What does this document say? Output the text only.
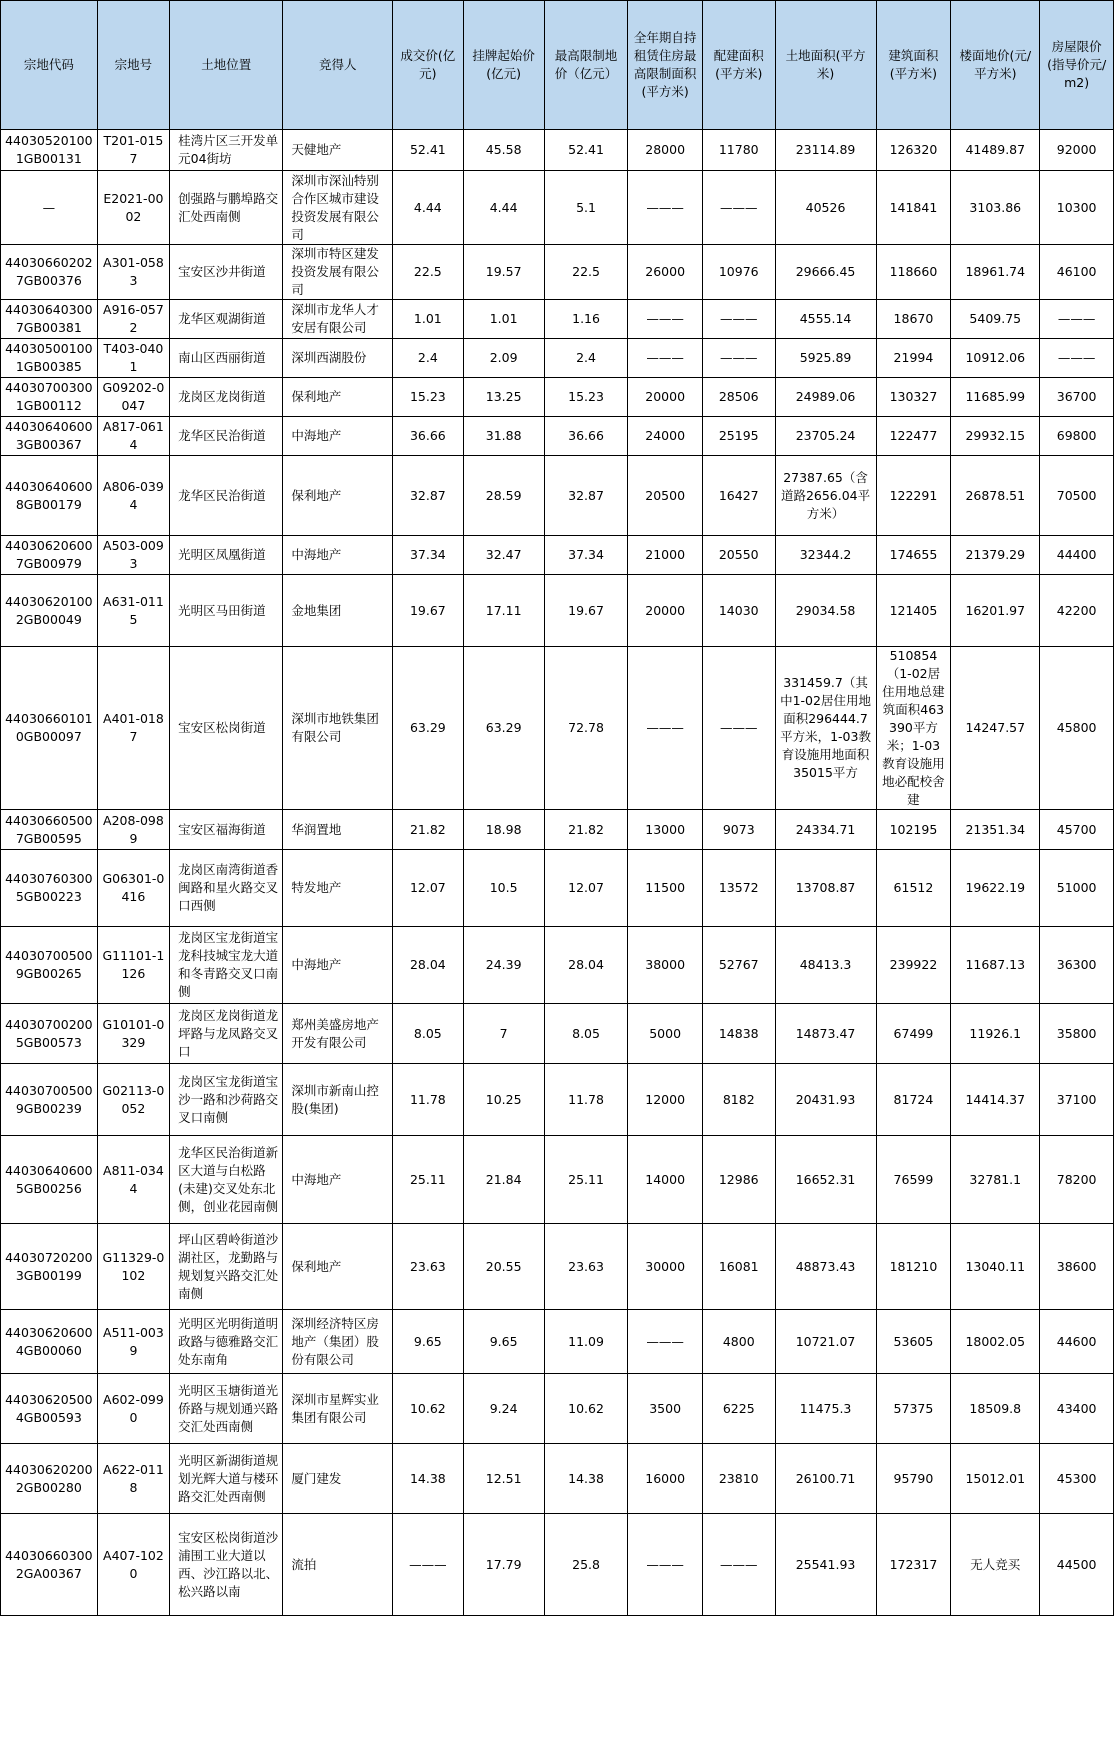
宗地代码	宗地号	土地位置	竞得人	成交价(亿元)	挂牌起始价(亿元)	最高限制地价（亿元）	全年期自持租赁住房最高限制面积(平方米)	配建面积(平方米)	土地面积(平方米)	建筑面积(平方米)	楼面地价(元/平方米)	房屋限价(指导价元/m2)
440305201001GB00131	T201-0157	桂湾片区三开发单元04街坊	天健地产	52.41	45.58	52.41	28000	11780	23114.89	126320	41489.87	92000
—	E2021-0002	创强路与鹏埠路交汇处西南侧	深圳市深汕特别合作区城市建设投资发展有限公司	4.44	4.44	5.1	———	———	40526	141841	3103.86	10300
440306602027GB00376	A301-0583	宝安区沙井街道	深圳市特区建发投资发展有限公司	22.5	19.57	22.5	26000	10976	29666.45	118660	18961.74	46100
440306403007GB00381	A916-0572	龙华区观湖街道	深圳市龙华人才安居有限公司	1.01	1.01	1.16	———	———	4555.14	18670	5409.75	———
440305001001GB00385	T403-0401	南山区西丽街道	深圳西湖股份	2.4	2.09	2.4	———	———	5925.89	21994	10912.06	———
440307003001GB00112	G09202-0047	龙岗区龙岗街道	保利地产	15.23	13.25	15.23	20000	28506	24989.06	130327	11685.99	36700
440306406003GB00367	A817-0614	龙华区民治街道	中海地产	36.66	31.88	36.66	24000	25195	23705.24	122477	29932.15	69800
440306406008GB00179	A806-0394	龙华区民治街道	保利地产	32.87	28.59	32.87	20500	16427	27387.65（含道路2656.04平方米）	122291	26878.51	70500
440306206007GB00979	A503-0093	光明区凤凰街道	中海地产	37.34	32.47	37.34	21000	20550	32344.2	174655	21379.29	44400
440306201002GB00049	A631-0115	光明区马田街道	金地集团	19.67	17.11	19.67	20000	14030	29034.58	121405	16201.97	42200
440306601010GB00097	A401-0187	宝安区松岗街道	深圳市地铁集团有限公司	63.29	63.29	72.78	———	———	331459.7（其中1-02居住用地面积296444.7平方米，1-03教育设施用地面积35015平方	510854（1-02居住用地总建筑面积463390平方米；1-03教育设施用地必配校舍建	14247.57	45800
440306605007GB00595	A208-0989	宝安区福海街道	华润置地	21.82	18.98	21.82	13000	9073	24334.71	102195	21351.34	45700
440307603005GB00223	G06301-0416	龙岗区南湾街道香闽路和星火路交叉口西侧	特发地产	12.07	10.5	12.07	11500	13572	13708.87	61512	19622.19	51000
440307005009GB00265	G11101-1126	龙岗区宝龙街道宝龙科技城宝龙大道和冬青路交叉口南侧	中海地产	28.04	24.39	28.04	38000	52767	48413.3	239922	11687.13	36300
440307002005GB00573	G10101-0329	龙岗区龙岗街道龙坪路与龙凤路交叉口	郑州美盛房地产开发有限公司	8.05	7	8.05	5000	14838	14873.47	67499	11926.1	35800
440307005009GB00239	G02113-0052	龙岗区宝龙街道宝沙一路和沙荷路交叉口南侧	深圳市新南山控股(集团)	11.78	10.25	11.78	12000	8182	20431.93	81724	14414.37	37100
440306406005GB00256	A811-0344	龙华区民治街道新区大道与白松路(未建)交叉处东北侧，创业花园南侧	中海地产	25.11	21.84	25.11	14000	12986	16652.31	76599	32781.1	78200
440307202003GB00199	G11329-0102	坪山区碧岭街道沙湖社区，龙勤路与规划复兴路交汇处南侧	保利地产	23.63	20.55	23.63	30000	16081	48873.43	181210	13040.11	38600
440306206004GB00060	A511-0039	光明区光明街道明政路与德雅路交汇处东南角	深圳经济特区房地产（集团）股份有限公司	9.65	9.65	11.09	———	4800	10721.07	53605	18002.05	44600
440306205004GB00593	A602-0990	光明区玉塘街道光侨路与规划通兴路交汇处西南侧	深圳市星辉实业集团有限公司	10.62	9.24	10.62	3500	6225	11475.3	57375	18509.8	43400
440306202002GB00280	A622-0118	光明区新湖街道规划光辉大道与楼环路交汇处西南侧	厦门建发	14.38	12.51	14.38	16000	23810	26100.71	95790	15012.01	45300
440306603002GA00367	A407-1020	宝安区松岗街道沙浦围工业大道以西、沙江路以北、松兴路以南	流拍	———	17.79	25.8	———	———	25541.93	172317	无人竞买	44500
